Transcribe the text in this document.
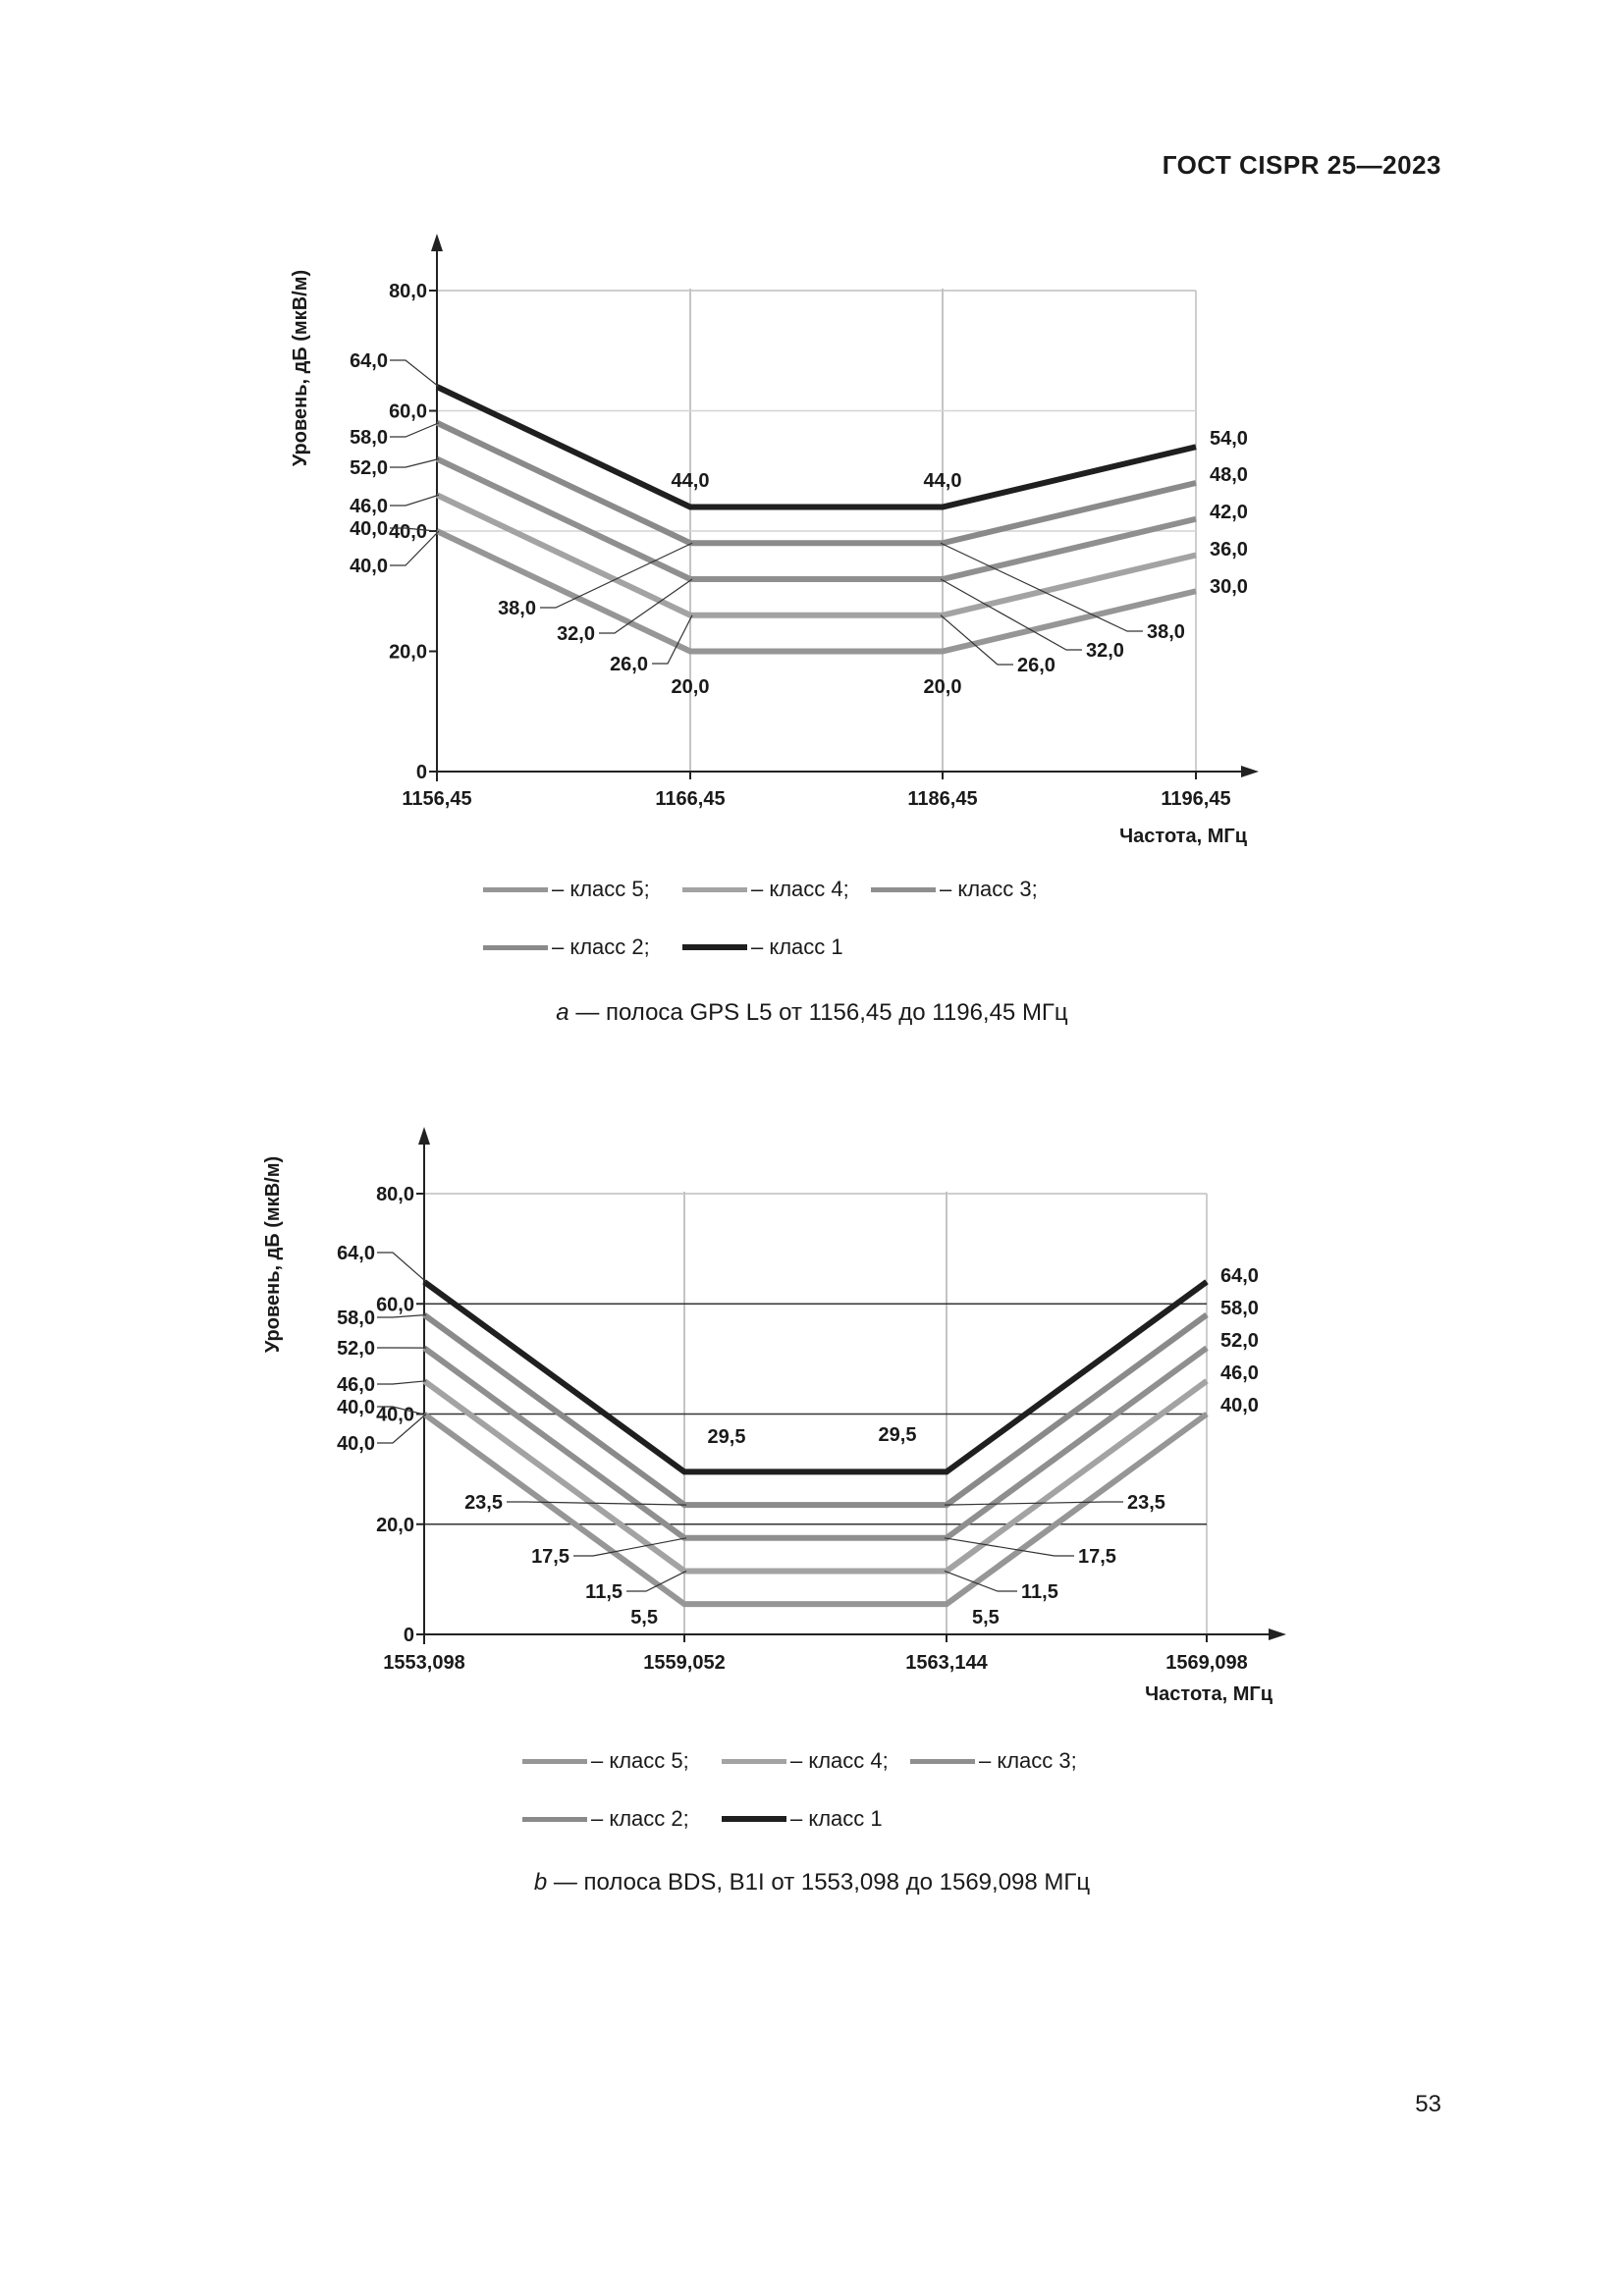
ГОСТ CISPR 25—2023
0
20,0
40,0
60,0
80,0
1156,45	1166,45	1186,45	1196,45
Уровень, дБ (мкВ/м)
Частота, МГц
64,0
58,0
52,0
46,0
40,0
40,0
54,0
48,0
42,0
36,0
30,0
44,0	44,0
38,0
32,0
26,0
20,0
38,0
32,0
26,0
20,0
– класс 5;	– класс 4;	– класс 3;
– класс 2;	– класс 1
a — полоса GPS L5 от 1156,45 до 1196,45 МГц
0
20,0
40,0
60,0
80,0
1553,098	1559,052	1563,144	1569,098
Уровень, дБ (мкВ/м)
Частота, МГц
64,0
58,0
52,0
46,0
40,0
40,0
64,0
58,0
52,0
46,0
40,0
29,5	29,5
23,5
17,5
11,5
5,5
23,5
17,5
11,5
5,5
– класс 5;	– класс 4;	– класс 3;
– класс 2;	– класс 1
b — полоса BDS, B1I от 1553,098 до 1569,098 МГц
53
